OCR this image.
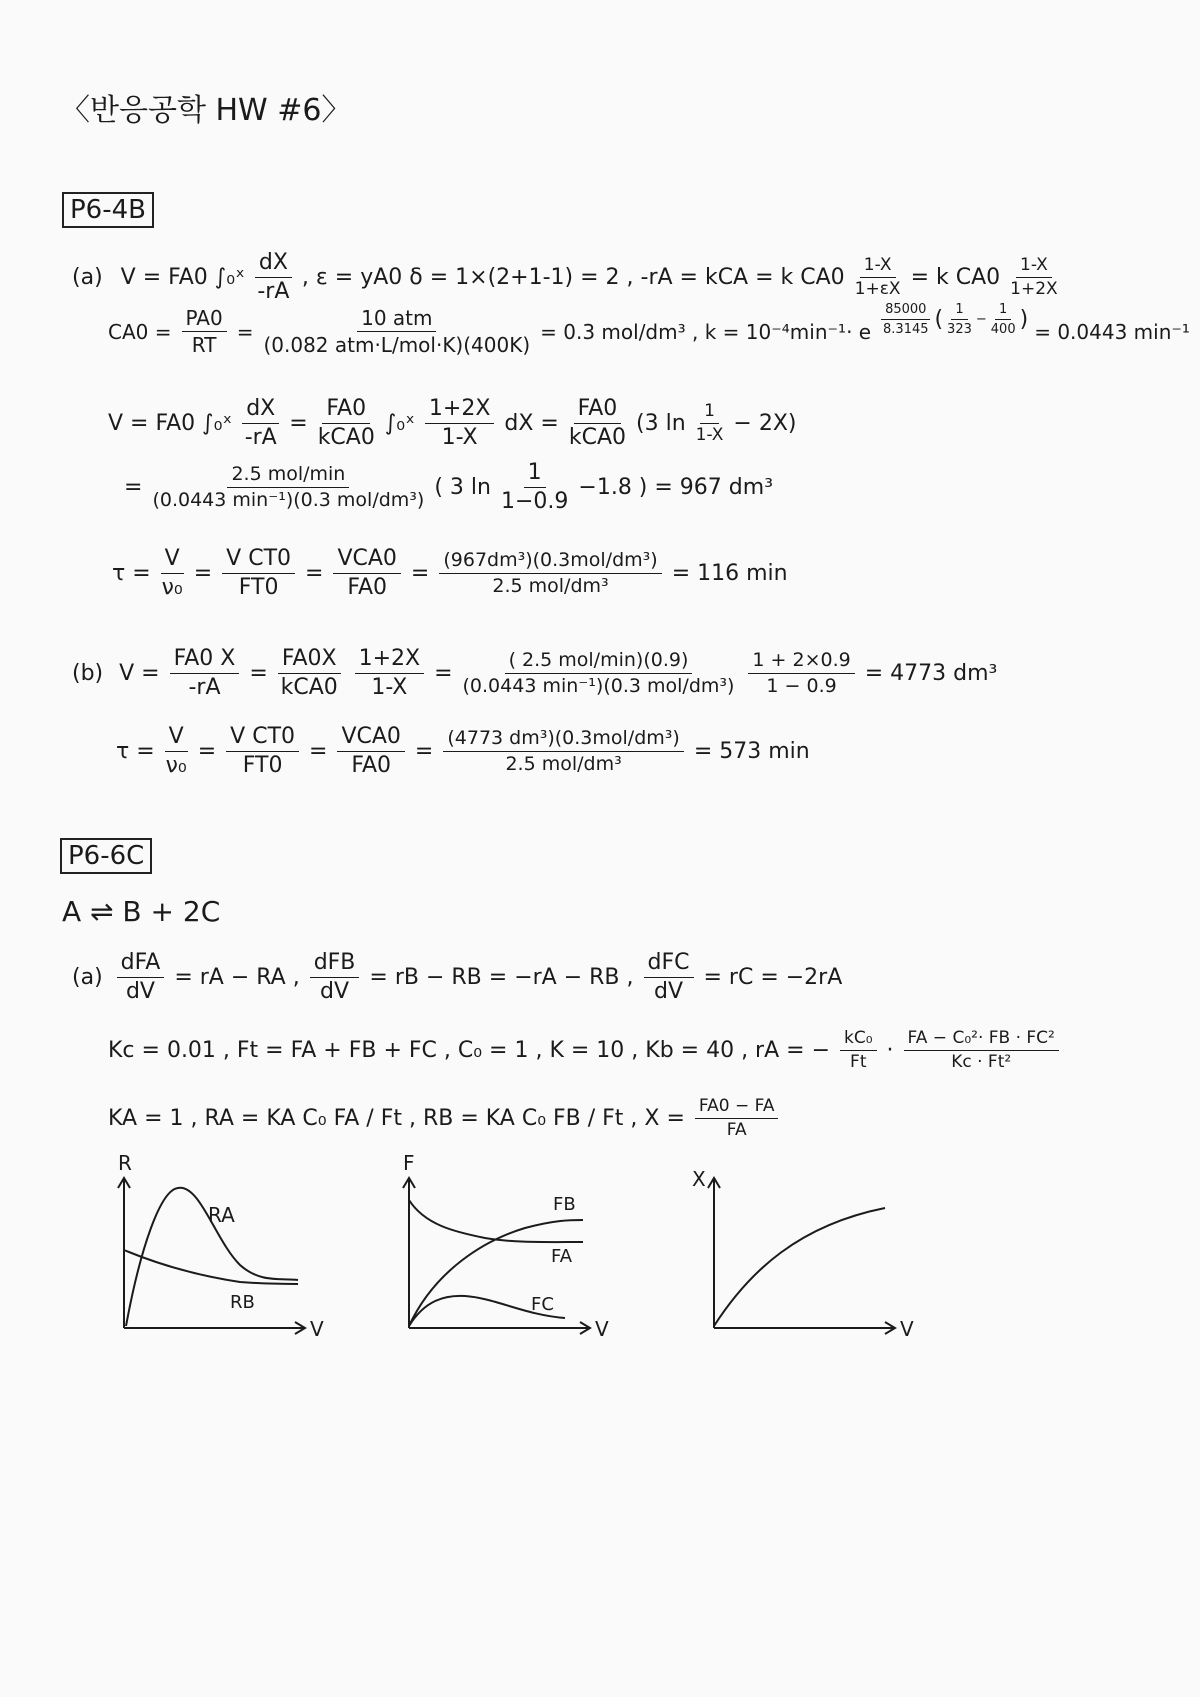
〈반응공학 HW #6〉
P6-4B
(a) V = FA0 ∫₀ˣ $\frac{dX}{-rA}$ , ε = yA0 δ = 1×(2+1-1) = 2 , -rA = kCA = k $CA0 \frac{1-X}{1+\varepsilon X} = k$ $CA0 \frac{1-X}{1+2X}$
$CA0 = \frac{PA0}{RT} = \frac{\text{10 atm}}{\text{(0.082 atm·L/mol·K)(400K)}} = 0.3$ mol/dm³ , k = 10⁻⁴min⁻¹· e $\frac{85000}{8.3145}$ ( $\frac{1}{323} - \frac{1}{400}$ ) = 0.0443 min⁻¹
V = FA0 ∫₀ˣ $\frac{dX}{-rA} = \frac{FA0}{\text{kCA0}}$ ∫₀ˣ $\frac{1+2X}{1-X}$ dX = $\frac{FA0}{\text{kCA0}} (3$ $\ln \frac{1}{1-X} - 2X$)
= $\frac{\text{2.5 mol/min}}{\text{(0.0443 min⁻¹)(0.3 mol/dm³)}}$ ( 3 $\ln \frac{1}{1-0.9} -1.8$ ) = 967 dm³
$\tau = \frac{V}{\text{ν₀}} = \frac{\text{V CT0}}{FT0} = \frac{\text{VCA0}}{FA0} = \frac{\text{(967dm³)(0.3mol/dm³)}}{\text{2.5 mol/dm³}} = 116$ min
(b) $V = \frac{FA0 X}{-rA} = \frac{FA0X}{\text{kCA0}} \frac{1+2X}{1-X} = \frac{\text{( 2.5 mol/min)(0.9)}}{\text{(0.0443 min⁻¹)(0.3 mol/dm³)}} \frac{1 + 2\times 0.9}{1 - 0.9} = 4773$ dm³
$\tau = \frac{V}{\text{ν₀}} = \frac{\text{V CT0}}{FT0} = \frac{\text{VCA0}}{FA0} = \frac{\text{(4773 dm³)(0.3mol/dm³)}}{\text{2.5 mol/dm³}} = 573$ min
P6-6C
A ⇌ B + 2C
$(a) \frac{\text{dFA}}{dV}$ = rA − RA , $\frac{\text{dFB}}{dV}$ = rB − RB = −rA − RB , $\frac{\text{dFC}}{dV}$ = rC = −2rA
Kc = 0.01 , Ft = FA + FB + FC , C₀ = 1 , K = 10 , Kb = 40 , rA = − $\frac{\text{kC₀}}{Ft} \cdot \frac{\text{FA − C₀²· FB · FC²}}{\text{Kc · Ft²}}$
KA = 1 , RA = KA C₀ FA / Ft , RB = KA C₀ FB / Ft , $X = \frac{FA0 - FA}{FA}$
R
V
RA
RB
F
V
FB
FA
FC
X
V
